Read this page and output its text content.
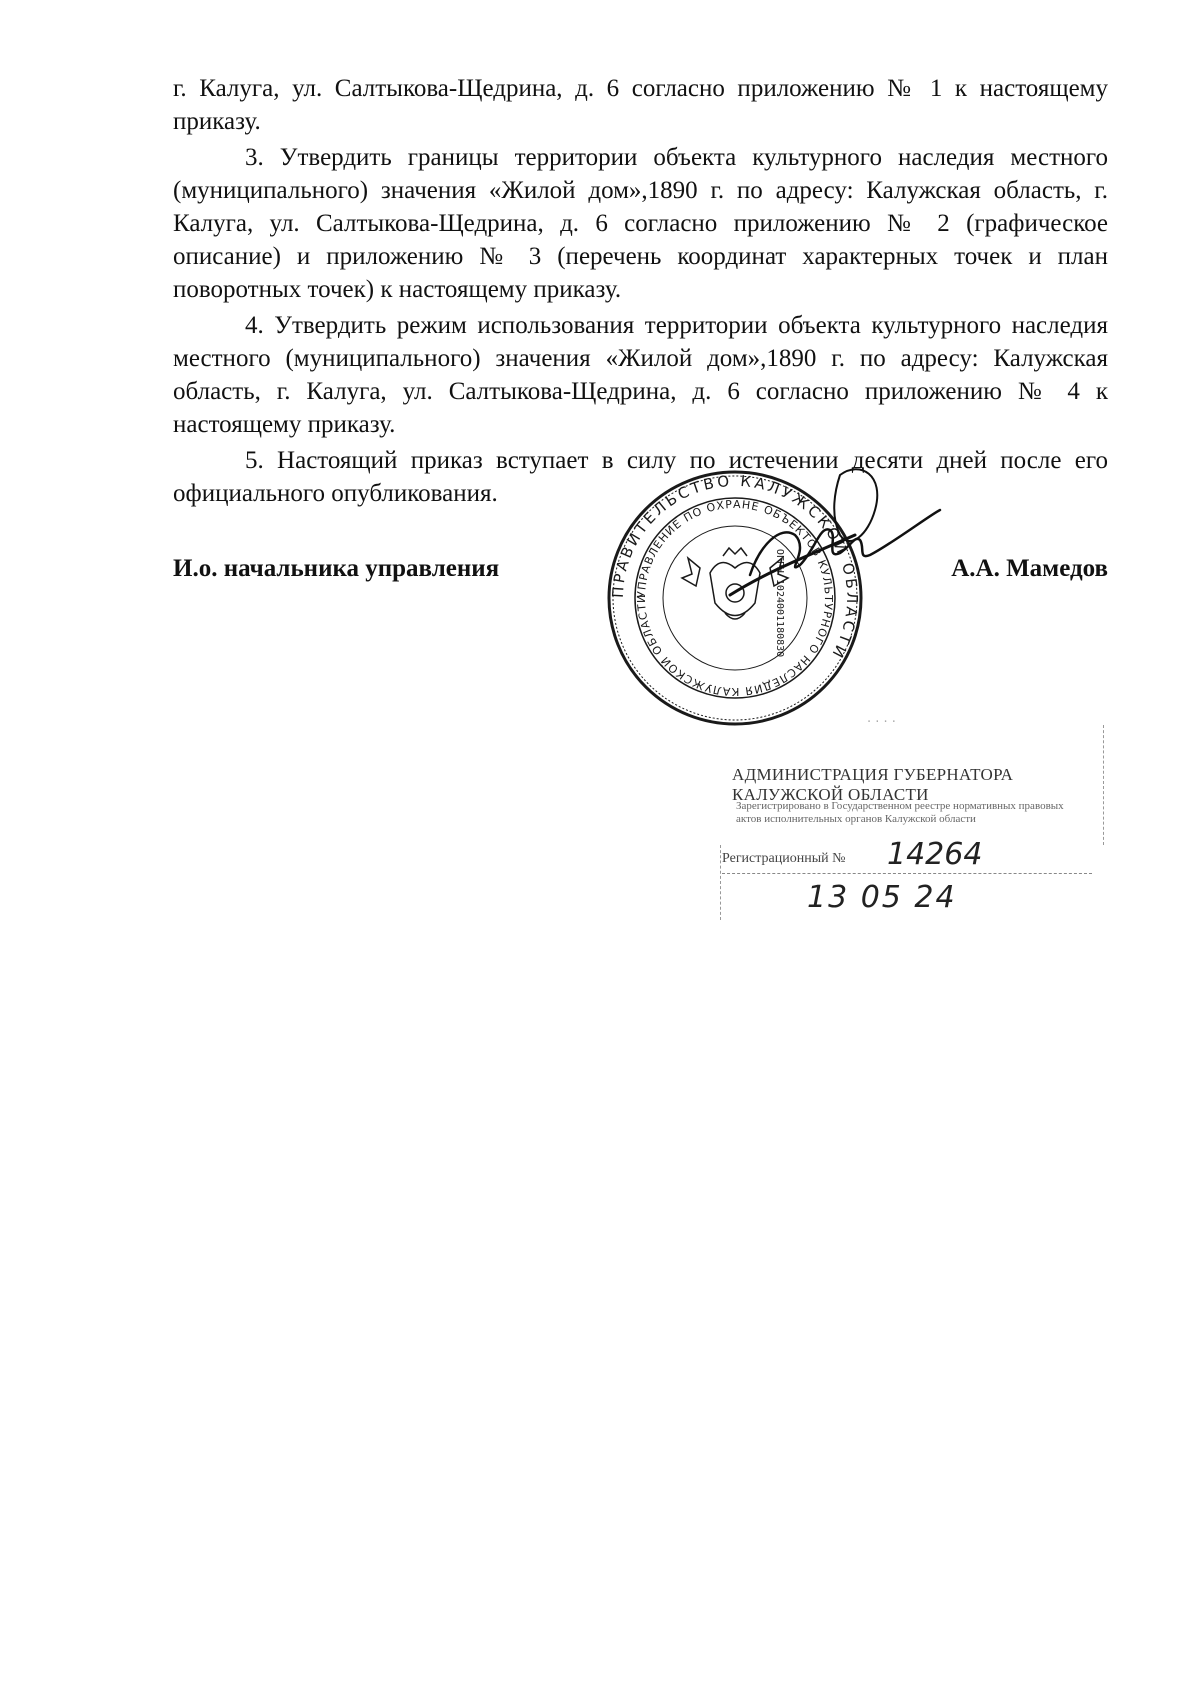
г. Калуга, ул. Салтыкова-Щедрина, д. 6 согласно приложению № 1 к настоящему приказу.

3. Утвердить границы территории объекта культурного наследия местного (муниципального) значения «Жилой дом»,1890 г. по адресу: Калужская область, г. Калуга, ул. Салтыкова-Щедрина, д. 6 согласно приложению № 2 (графическое описание) и приложению № 3 (перечень координат характерных точек и план поворотных точек) к настоящему приказу.

4. Утвердить режим использования территории объекта культурного наследия местного (муниципального) значения «Жилой дом»,1890 г. по адресу: Калужская область, г. Калуга, ул. Салтыкова-Щедрина, д. 6 согласно приложению № 4 к настоящему приказу.

5. Настоящий приказ вступает в силу по истечении десяти дней после его официального опубликования.

И.о. начальника управления	А.А. Мамедов
ПРАВИТЕЛЬСТВО КАЛУЖСКОЙ ОБЛАСТИ
УПРАВЛЕНИЕ ПО ОХРАНЕ ОБЪЕКТОВ КУЛЬТУРНОГО НАСЛЕДИЯ КАЛУЖСКОЙ ОБЛАСТИ	ОГРН 1024001180830
· · · ·
АДМИНИСТРАЦИЯ ГУБЕРНАТОРА КАЛУЖСКОЙ ОБЛАСТИ
Зарегистрировано в Государственном реестре нормативных правовых актов исполнительных органов Калужской области
Регистрационный № 14264
13 05 24
